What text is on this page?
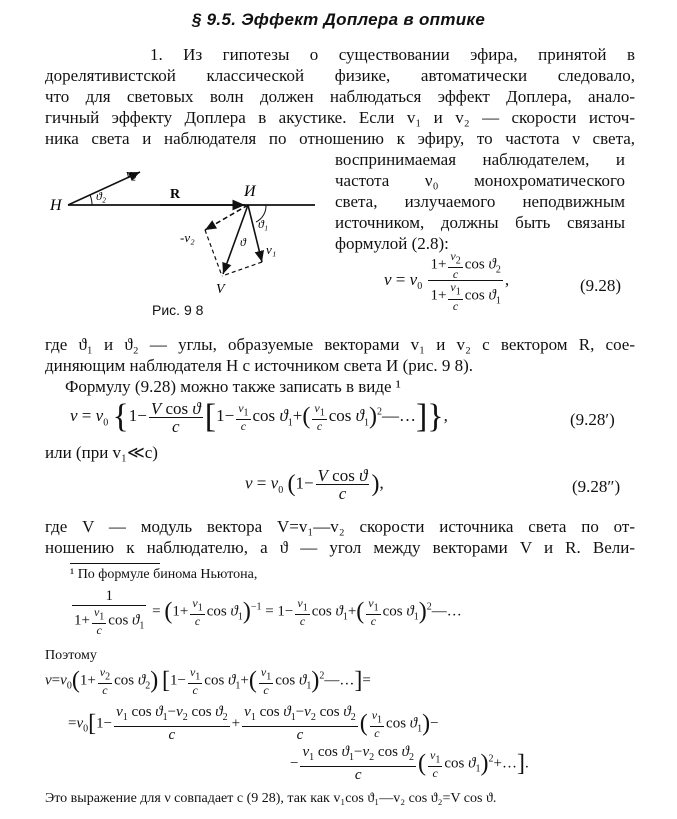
§ 9.5. Эффект Доплера в оптике
1. Из гипотезы о существовании эфира, принятой в
дорелятивистской классической физике, автоматически следовало,
что для световых волн должен наблюдаться эффект Доплера, анало-
гичный эффекту Доплера в акустике. Если v₁ и v₂ — скорости источ-
ника света и наблюдателя по отношению к эфиру, то частота ν света,
воспринимаемая наблюдателем, и
частота ν₀ монохроматического
света, излучаемого неподвижным
источником, должны быть связаны
формулой (2.8):
H
И
R
v₂
ϑ₂
-v₂
v₁
ϑ₁
ϑ
V
Рис. 9 8
$\nu = \nu_0 \frac{1+ \frac{v_2}{c} \cos ϑ_2}{1+ \frac{v_1}{c} \cos ϑ_1}$ ,	(9.28)
где ϑ₁ и ϑ₂ — углы, образуемые векторами v₁ и v₂ с вектором R, сое-
диняющим наблюдателя H с источником света И (рис. 9 8).
Формулу (9.28) можно также записать в виде ¹
$\nu = \nu_0$ {$1- \frac{\text{V cos ϑ}}{c} [1- \frac{v_1}{c}$ $\cos ϑ_1+( \frac{v_1}{c}$ $\cos ϑ_1)^2—\dots$]},	(9.28′)
или (при v₁≪c)
$\nu = \nu_0$ ($1- \frac{\text{V cos ϑ}}{c}$ ),	(9.28″)
где V — модуль вектора V=v₁—v₂ скорости источника света по от-
ношению к наблюдателю, а ϑ — угол между векторами V и R. Вели-
¹ По формуле бинома Ньютона,
$\frac{1}{1+ \frac{v_1}{c} \cos ϑ_1} = (1+ \frac{v_1}{c}$ $\cos ϑ_1)^{-1} = 1- \frac{v_1}{c}$ $\cos ϑ_1+( \frac{v_1}{c}$ $\cos ϑ_1)^2—\dots$
Поэтому
$\nu=\nu_0(1+ \frac{v_2}{c}$ $\cos ϑ_2$) [$1- \frac{v_1}{c}$ $\cos ϑ_1+( \frac{v_1}{c}$ $\cos ϑ_1)^2—\dots]=$
$=\nu_0[1- \frac{v_1 \cos ϑ_1-v_2 \cos ϑ_2}{c} + \frac{v_1 \cos ϑ_1-v_2 \cos ϑ_2}{c}$ ( $\frac{v_1}{c}$ $\cos ϑ_1)-$
− $\frac{v_1 \cos ϑ_1-v_2 \cos ϑ_2}{c}$ ( $\frac{v_1}{c}$ $\cos ϑ_1)^2+\dots$].
Это выражение для ν совпадает с (9 28), так как v₁cos ϑ₁—v₂ cos ϑ₂=V cos ϑ.
